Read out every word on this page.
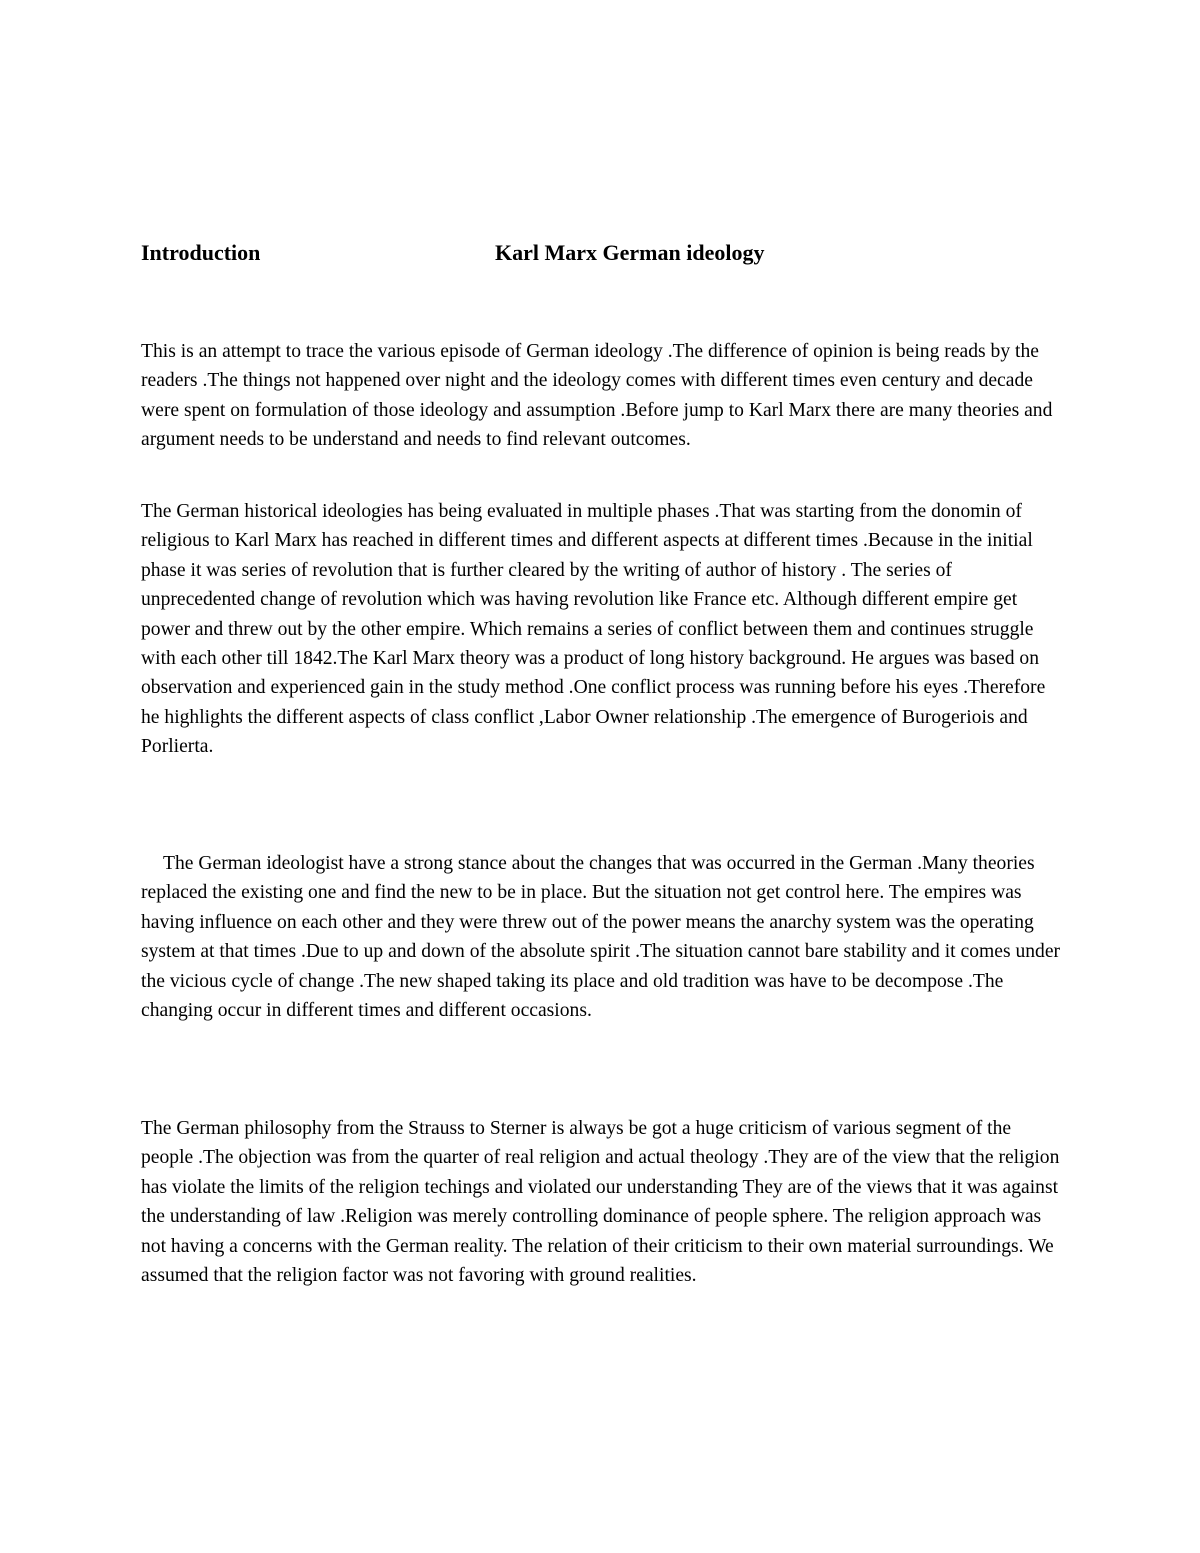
Introduction	Karl Marx German ideology

This is an attempt to trace the various episode of German ideology .The difference of opinion is being reads by the readers .The things not happened over night and the ideology comes with different times even century and decade were spent on formulation of those ideology and assumption .Before jump to Karl Marx there are many theories and argument needs to be understand and needs to find relevant outcomes.

The German historical ideologies has being evaluated in multiple phases .That was starting from the donomin of religious to Karl Marx has reached in different times and different aspects at different times .Because in the initial phase it was series of revolution that is further cleared by the writing of author of history . The series of unprecedented change of revolution which was having revolution like France etc. Although different empire get power and threw out by the other empire. Which remains a series of conflict between them and continues struggle with each other till 1842.The Karl Marx theory was a product of long history background. He argues was based on observation and experienced gain in the study method .One conflict process was running before his eyes .Therefore he highlights the different aspects of class conflict ,Labor Owner relationship .The emergence of Burogeriois and Porlierta.

The German ideologist have a strong stance about the changes that was occurred in the German .Many theories replaced the existing one and find the new to be in place. But the situation not get control here. The empires was having influence on each other and they were threw out of the power means the anarchy system was the operating system at that times .Due to up and down of the absolute spirit .The situation cannot bare stability and it comes under the vicious cycle of change .The new shaped taking its place and old tradition was have to be decompose .The changing occur in different times and different occasions.

The German philosophy from the Strauss to Sterner is always be got a huge criticism of various segment of the people .The objection was from the quarter of real religion and actual theology .They are of the view that the religion has violate the limits of the religion techings and violated our understanding They are of the views that it was against the understanding of law .Religion was merely controlling dominance of people sphere. The religion approach was not having a concerns with the German reality. The relation of their criticism to their own material surroundings. We assumed that the religion factor was not favoring with ground realities.
